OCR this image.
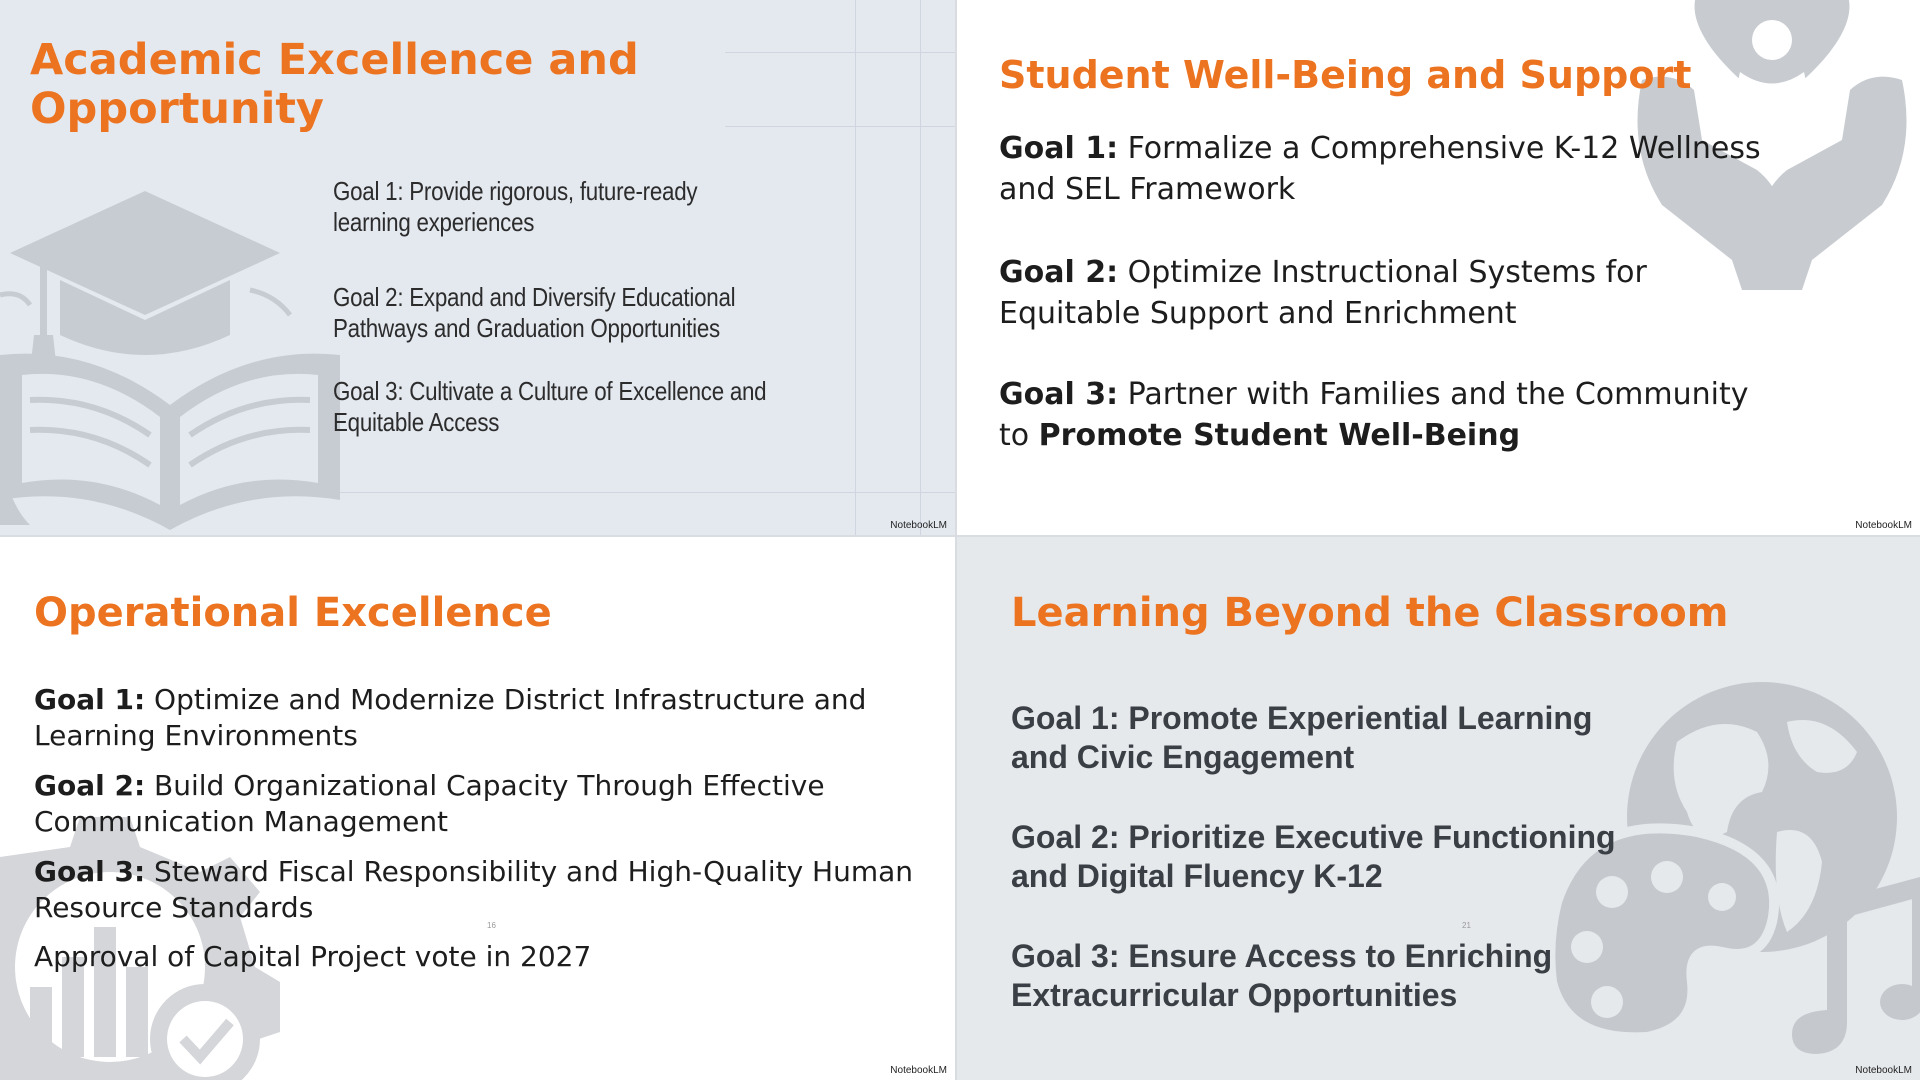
Academic Excellence and Opportunity

Goal 1: Provide rigorous, future-ready learning experiences

Goal 2: Expand and Diversify Educational Pathways and Graduation Opportunities

Goal 3: Cultivate a Culture of Excellence and Equitable Access

NotebookLM
Student Well-Being and Support

Goal 1: Formalize a Comprehensive K-12 Wellness and SEL Framework

Goal 2: Optimize Instructional Systems for Equitable Support and Enrichment

Goal 3: Partner with Families and the Community to Promote Student Well-Being

NotebookLM
Operational Excellence

Goal 1: Optimize and Modernize District Infrastructure and Learning Environments

Goal 2: Build Organizational Capacity Through Effective Communication Management

Goal 3: Steward Fiscal Responsibility and High-Quality Human Resource Standards

Approval of Capital Project vote in 2027

16
NotebookLM
Learning Beyond the Classroom

Goal 1: Promote Experiential Learning and Civic Engagement

Goal 2: Prioritize Executive Functioning and Digital Fluency K-12

Goal 3: Ensure Access to Enriching Extracurricular Opportunities

21
NotebookLM
